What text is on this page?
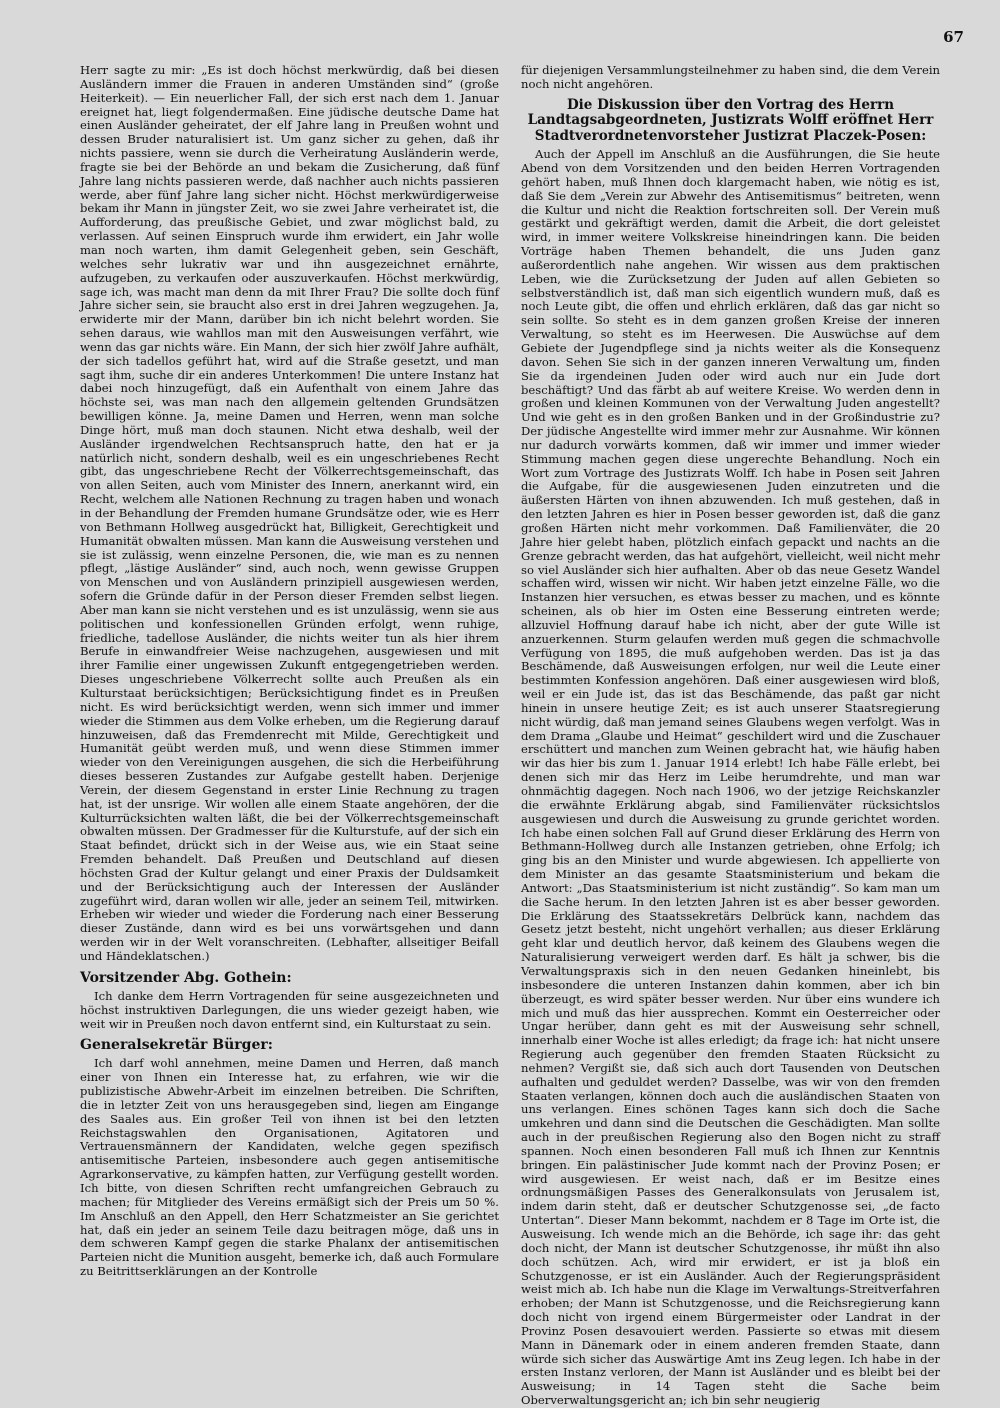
67

Herr sagte zu mir: „Es ist doch höchst merkwürdig, daß bei diesen Ausländern immer die Frauen in anderen Umständen sind“ (große Heiterkeit). — Ein neuerlicher Fall, der sich erst nach dem 1. Januar ereignet hat, liegt folgendermaßen. Eine jüdische deutsche Dame hat einen Ausländer geheiratet, der elf Jahre lang in Preußen wohnt und dessen Bruder naturalisiert ist. Um ganz sicher zu gehen, daß ihr nichts passiere, wenn sie durch die Verheiratung Ausländerin werde, fragte sie bei der Behörde an und bekam die Zusicherung, daß fünf Jahre lang nichts passieren werde, daß nachher auch nichts passieren werde, aber fünf Jahre lang sicher nicht. Höchst merkwürdigerweise bekam ihr Mann in jüngster Zeit, wo sie zwei Jahre verheiratet ist, die Aufforderung, das preußische Gebiet, und zwar möglichst bald, zu verlassen. Auf seinen Einspruch wurde ihm erwidert, ein Jahr wolle man noch warten, ihm damit Gelegenheit geben, sein Geschäft, welches sehr lukrativ war und ihn ausgezeichnet ernährte, aufzugeben, zu verkaufen oder auszuverkaufen. Höchst merkwürdig, sage ich, was macht man denn da mit Ihrer Frau? Die sollte doch fünf Jahre sicher sein, sie braucht also erst in drei Jahren wegzugehen. Ja, erwiderte mir der Mann, darüber bin ich nicht belehrt worden. Sie sehen daraus, wie wahllos man mit den Ausweisungen verfährt, wie wenn das gar nichts wäre. Ein Mann, der sich hier zwölf Jahre aufhält, der sich tadellos geführt hat, wird auf die Straße gesetzt, und man sagt ihm, suche dir ein anderes Unterkommen! Die untere Instanz hat dabei noch hinzugefügt, daß ein Aufenthalt von einem Jahre das höchste sei, was man nach den allgemein geltenden Grundsätzen bewilligen könne. Ja, meine Damen und Herren, wenn man solche Dinge hört, muß man doch staunen. Nicht etwa deshalb, weil der Ausländer irgendwelchen Rechtsanspruch hatte, den hat er ja natürlich nicht, sondern deshalb, weil es ein ungeschriebenes Recht gibt, das ungeschriebene Recht der Völkerrechtsgemeinschaft, das von allen Seiten, auch vom Minister des Innern, anerkannt wird, ein Recht, welchem alle Nationen Rechnung zu tragen haben und wonach in der Behandlung der Fremden humane Grundsätze oder, wie es Herr von Bethmann Hollweg ausgedrückt hat, Billigkeit, Gerechtigkeit und Humanität obwalten müssen. Man kann die Ausweisung verstehen und sie ist zulässig, wenn einzelne Personen, die, wie man es zu nennen pflegt, „lästige Ausländer“ sind, auch noch, wenn gewisse Gruppen von Menschen und von Ausländern prinzipiell ausgewiesen werden, sofern die Gründe dafür in der Person dieser Fremden selbst liegen. Aber man kann sie nicht verstehen und es ist unzulässig, wenn sie aus politischen und konfessionellen Gründen erfolgt, wenn ruhige, friedliche, tadellose Ausländer, die nichts weiter tun als hier ihrem Berufe in einwandfreier Weise nachzugehen, ausgewiesen und mit ihrer Familie einer ungewissen Zukunft entgegengetrieben werden. Dieses ungeschriebene Völkerrecht sollte auch Preußen als ein Kulturstaat berücksichtigen; Berücksichtigung findet es in Preußen nicht. Es wird berücksichtigt werden, wenn sich immer und immer wieder die Stimmen aus dem Volke erheben, um die Regierung darauf hinzuweisen, daß das Fremdenrecht mit Milde, Gerechtigkeit und Humanität geübt werden muß, und wenn diese Stimmen immer wieder von den Vereinigungen ausgehen, die sich die Herbeiführung dieses besseren Zustandes zur Aufgabe gestellt haben. Derjenige Verein, der diesem Gegenstand in erster Linie Rechnung zu tragen hat, ist der unsrige. Wir wollen alle einem Staate angehören, der die Kulturrücksichten walten läßt, die bei der Völkerrechtsgemeinschaft obwalten müssen. Der Gradmesser für die Kulturstufe, auf der sich ein Staat befindet, drückt sich in der Weise aus, wie ein Staat seine Fremden behandelt. Daß Preußen und Deutschland auf diesen höchsten Grad der Kultur gelangt und einer Praxis der Duldsamkeit und der Berücksichtigung auch der Interessen der Ausländer zugeführt wird, daran wollen wir alle, jeder an seinem Teil, mitwirken. Erheben wir wieder und wieder die Forderung nach einer Besserung dieser Zustände, dann wird es bei uns vorwärtsgehen und dann werden wir in der Welt voranschreiten. (Lebhafter, allseitiger Beifall und Händeklatschen.)

Vorsitzender Abg. Gothein:

Ich danke dem Herrn Vortragenden für seine ausgezeichneten und höchst instruktiven Darlegungen, die uns wieder gezeigt haben, wie weit wir in Preußen noch davon entfernt sind, ein Kulturstaat zu sein.

Generalsekretär Bürger:

Ich darf wohl annehmen, meine Damen und Herren, daß manch einer von Ihnen ein Interesse hat, zu erfahren, wie wir die publizistische Abwehr-Arbeit im einzelnen betreiben. Die Schriften, die in letzter Zeit von uns herausgegeben sind, liegen am Eingange des Saales aus. Ein großer Teil von ihnen ist bei den letzten Reichstagswahlen den Organisationen, Agitatoren und Vertrauensmännern der Kandidaten, welche gegen spezifisch antisemitische Parteien, insbesondere auch gegen antisemitische Agrarkonservative, zu kämpfen hatten, zur Verfügung gestellt worden. Ich bitte, von diesen Schriften recht umfangreichen Gebrauch zu machen; für Mitglieder des Vereins ermäßigt sich der Preis um 50 %. Im Anschluß an den Appell, den Herr Schatzmeister an Sie gerichtet hat, daß ein jeder an seinem Teile dazu beitragen möge, daß uns in dem schweren Kampf gegen die starke Phalanx der antisemitischen Parteien nicht die Munition ausgeht, bemerke ich, daß auch Formulare zu Beitrittserklärungen an der Kontrolle

für diejenigen Versammlungsteilnehmer zu haben sind, die dem Verein noch nicht angehören.

Die Diskussion über den Vortrag des Herrn Landtagsabgeordneten, Justizrats Wolff eröffnet Herr Stadtverordnetenvorsteher Justizrat Placzek-Posen:

Auch der Appell im Anschluß an die Ausführungen, die Sie heute Abend von dem Vorsitzenden und den beiden Herren Vortragenden gehört haben, muß Ihnen doch klargemacht haben, wie nötig es ist, daß Sie dem „Verein zur Abwehr des Antisemitismus“ beitreten, wenn die Kultur und nicht die Reaktion fortschreiten soll. Der Verein muß gestärkt und gekräftigt werden, damit die Arbeit, die dort geleistet wird, in immer weitere Volkskreise hineindringen kann. Die beiden Vorträge haben Themen behandelt, die uns Juden ganz außerordentlich nahe angehen. Wir wissen aus dem praktischen Leben, wie die Zurücksetzung der Juden auf allen Gebieten so selbstverständlich ist, daß man sich eigentlich wundern muß, daß es noch Leute gibt, die offen und ehrlich erklären, daß das gar nicht so sein sollte. So steht es in dem ganzen großen Kreise der inneren Verwaltung, so steht es im Heerwesen. Die Auswüchse auf dem Gebiete der Jugendpflege sind ja nichts weiter als die Konsequenz davon. Sehen Sie sich in der ganzen inneren Verwaltung um, finden Sie da irgendeinen Juden oder wird auch nur ein Jude dort beschäftigt? Und das färbt ab auf weitere Kreise. Wo werden denn in großen und kleinen Kommunen von der Verwaltung Juden angestellt? Und wie geht es in den großen Banken und in der Großindustrie zu? Der jüdische Angestellte wird immer mehr zur Ausnahme. Wir können nur dadurch vorwärts kommen, daß wir immer und immer wieder Stimmung machen gegen diese ungerechte Behandlung. Noch ein Wort zum Vortrage des Justizrats Wolff. Ich habe in Posen seit Jahren die Aufgabe, für die ausgewiesenen Juden einzutreten und die äußersten Härten von ihnen abzuwenden. Ich muß gestehen, daß in den letzten Jahren es hier in Posen besser geworden ist, daß die ganz großen Härten nicht mehr vorkommen. Daß Familienväter, die 20 Jahre hier gelebt haben, plötzlich einfach gepackt und nachts an die Grenze gebracht werden, das hat aufgehört, vielleicht, weil nicht mehr so viel Ausländer sich hier aufhalten. Aber ob das neue Gesetz Wandel schaffen wird, wissen wir nicht. Wir haben jetzt einzelne Fälle, wo die Instanzen hier versuchen, es etwas besser zu machen, und es könnte scheinen, als ob hier im Osten eine Besserung eintreten werde; allzuviel Hoffnung darauf habe ich nicht, aber der gute Wille ist anzuerkennen. Sturm gelaufen werden muß gegen die schmachvolle Verfügung von 1895, die muß aufgehoben werden. Das ist ja das Beschämende, daß Ausweisungen erfolgen, nur weil die Leute einer bestimmten Konfession angehören. Daß einer ausgewiesen wird bloß, weil er ein Jude ist, das ist das Beschämende, das paßt gar nicht hinein in unsere heutige Zeit; es ist auch unserer Staatsregierung nicht würdig, daß man jemand seines Glaubens wegen verfolgt. Was in dem Drama „Glaube und Heimat“ geschildert wird und die Zuschauer erschüttert und manchen zum Weinen gebracht hat, wie häufig haben wir das hier bis zum 1. Januar 1914 erlebt! Ich habe Fälle erlebt, bei denen sich mir das Herz im Leibe herumdrehte, und man war ohnmächtig dagegen. Noch nach 1906, wo der jetzige Reichskanzler die erwähnte Erklärung abgab, sind Familienväter rücksichtslos ausgewiesen und durch die Ausweisung zu grunde gerichtet worden. Ich habe einen solchen Fall auf Grund dieser Erklärung des Herrn von Bethmann-Hollweg durch alle Instanzen getrieben, ohne Erfolg; ich ging bis an den Minister und wurde abgewiesen. Ich appellierte von dem Minister an das gesamte Staatsministerium und bekam die Antwort: „Das Staatsministerium ist nicht zuständig“. So kam man um die Sache herum. In den letzten Jahren ist es aber besser geworden. Die Erklärung des Staatssekretärs Delbrück kann, nachdem das Gesetz jetzt besteht, nicht ungehört verhallen; aus dieser Erklärung geht klar und deutlich hervor, daß keinem des Glaubens wegen die Naturalisierung verweigert werden darf. Es hält ja schwer, bis die Verwaltungspraxis sich in den neuen Gedanken hineinlebt, bis insbesondere die unteren Instanzen dahin kommen, aber ich bin überzeugt, es wird später besser werden. Nur über eins wundere ich mich und muß das hier aussprechen. Kommt ein Oesterreicher oder Ungar herüber, dann geht es mit der Ausweisung sehr schnell, innerhalb einer Woche ist alles erledigt; da frage ich: hat nicht unsere Regierung auch gegenüber den fremden Staaten Rücksicht zu nehmen? Vergißt sie, daß sich auch dort Tausenden von Deutschen aufhalten und geduldet werden? Dasselbe, was wir von den fremden Staaten verlangen, können doch auch die ausländischen Staaten von uns verlangen. Eines schönen Tages kann sich doch die Sache umkehren und dann sind die Deutschen die Geschädigten. Man sollte auch in der preußischen Regierung also den Bogen nicht zu straff spannen. Noch einen besonderen Fall muß ich Ihnen zur Kenntnis bringen. Ein palästinischer Jude kommt nach der Provinz Posen; er wird ausgewiesen. Er weist nach, daß er im Besitze eines ordnungsmäßigen Passes des Generalkonsulats von Jerusalem ist, indem darin steht, daß er deutscher Schutzgenosse sei, „de facto Untertan“. Dieser Mann bekommt, nachdem er 8 Tage im Orte ist, die Ausweisung. Ich wende mich an die Behörde, ich sage ihr: das geht doch nicht, der Mann ist deutscher Schutzgenosse, ihr müßt ihn also doch schützen. Ach, wird mir erwidert, er ist ja bloß ein Schutzgenosse, er ist ein Ausländer. Auch der Regierungspräsident weist mich ab. Ich habe nun die Klage im Verwaltungs-Streitverfahren erhoben; der Mann ist Schutzgenosse, und die Reichsregierung kann doch nicht von irgend einem Bürgermeister oder Landrat in der Provinz Posen desavouiert werden. Passierte so etwas mit diesem Mann in Dänemark oder in einem anderen fremden Staate, dann würde sich sicher das Auswärtige Amt ins Zeug legen. Ich habe in der ersten Instanz verloren, der Mann ist Ausländer und es bleibt bei der Ausweisung; in 14 Tagen steht die Sache beim Oberverwaltungsgericht an; ich bin sehr neugierig
